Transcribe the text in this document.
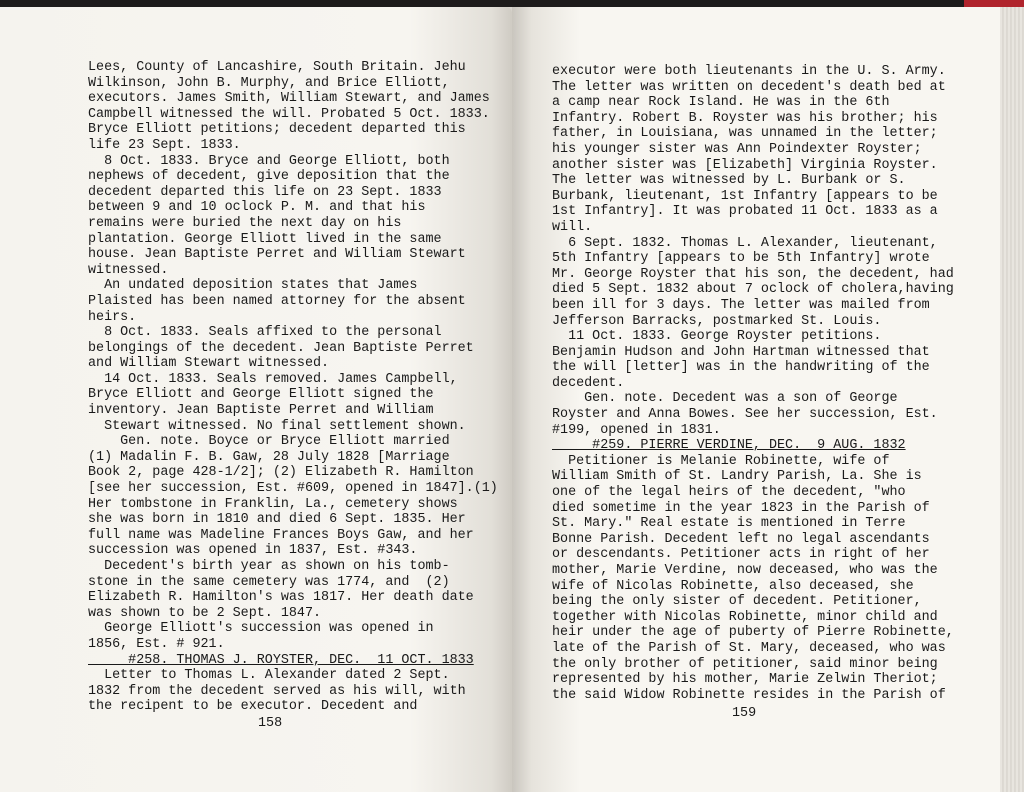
Lees, County of Lancashire, South Britain. Jehu
Wilkinson, John B. Murphy, and Brice Elliott,
executors. James Smith, William Stewart, and James
Campbell witnessed the will. Probated 5 Oct. 1833.
Bryce Elliott petitions; decedent departed this
life 23 Sept. 1833.
8 Oct. 1833. Bryce and George Elliott, both
nephews of decedent, give deposition that the
decedent departed this life on 23 Sept. 1833
between 9 and 10 oclock P. M. and that his
remains were buried the next day on his
plantation. George Elliott lived in the same
house. Jean Baptiste Perret and William Stewart
witnessed.
An undated deposition states that James
Plaisted has been named attorney for the absent
heirs.
8 Oct. 1833. Seals affixed to the personal
belongings of the decedent. Jean Baptiste Perret
and William Stewart witnessed.
14 Oct. 1833. Seals removed. James Campbell,
Bryce Elliott and George Elliott signed the
inventory. Jean Baptiste Perret and William
Stewart witnessed. No final settlement shown.
Gen. note. Boyce or Bryce Elliott married
(1) Madalin F. B. Gaw, 28 July 1828 [Marriage
Book 2, page 428-1/2]; (2) Elizabeth R. Hamilton
[see her succession, Est. #609, opened in 1847].(1)
Her tombstone in Franklin, La., cemetery shows
she was born in 1810 and died 6 Sept. 1835. Her
full name was Madeline Frances Boys Gaw, and her
succession was opened in 1837, Est. #343.
Decedent's birth year as shown on his tomb-
stone in the same cemetery was 1774, and  (2)
Elizabeth R. Hamilton's was 1817. Her death date
was shown to be 2 Sept. 1847.
George Elliott's succession was opened in
1856, Est. # 921.
#258. THOMAS J. ROYSTER, DEC.  11 OCT. 1833
Letter to Thomas L. Alexander dated 2 Sept.
1832 from the decedent served as his will, with
the recipent to be executor. Decedent and
158
executor were both lieutenants in the U. S. Army.
The letter was written on decedent's death bed at
a camp near Rock Island. He was in the 6th
Infantry. Robert B. Royster was his brother; his
father, in Louisiana, was unnamed in the letter;
his younger sister was Ann Poindexter Royster;
another sister was [Elizabeth] Virginia Royster.
The letter was witnessed by L. Burbank or S.
Burbank, lieutenant, 1st Infantry [appears to be
1st Infantry]. It was probated 11 Oct. 1833 as a
will.
6 Sept. 1832. Thomas L. Alexander, lieutenant,
5th Infantry [appears to be 5th Infantry] wrote
Mr. George Royster that his son, the decedent, had
died 5 Sept. 1832 about 7 oclock of cholera,having
been ill for 3 days. The letter was mailed from
Jefferson Barracks, postmarked St. Louis.
11 Oct. 1833. George Royster petitions.
Benjamin Hudson and John Hartman witnessed that
the will [letter] was in the handwriting of the
decedent.
Gen. note. Decedent was a son of George
Royster and Anna Bowes. See her succession, Est.
#199, opened in 1831.
#259. PIERRE VERDINE, DEC.  9 AUG. 1832
Petitioner is Melanie Robinette, wife of
William Smith of St. Landry Parish, La. She is
one of the legal heirs of the decedent, "who
died sometime in the year 1823 in the Parish of
St. Mary." Real estate is mentioned in Terre
Bonne Parish. Decedent left no legal ascendants
or descendants. Petitioner acts in right of her
mother, Marie Verdine, now deceased, who was the
wife of Nicolas Robinette, also deceased, she
being the only sister of decedent. Petitioner,
together with Nicolas Robinette, minor child and
heir under the age of puberty of Pierre Robinette,
late of the Parish of St. Mary, deceased, who was
the only brother of petitioner, said minor being
represented by his mother, Marie Zelwin Theriot;
the said Widow Robinette resides in the Parish of
159
